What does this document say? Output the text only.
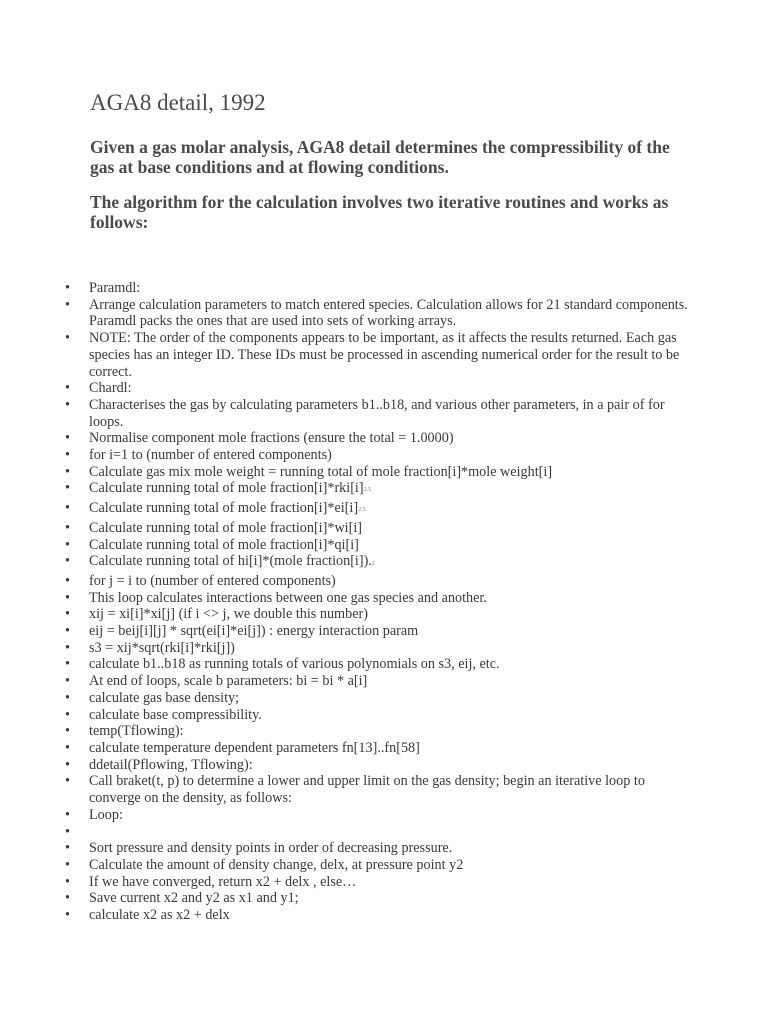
AGA8 detail, 1992

Given a gas molar analysis, AGA8 detail determines the compressibility of the gas at base conditions and at flowing conditions.

The algorithm for the calculation involves two iterative routines and works as follows:

•	Paramdl:
•	Arrange calculation parameters to match entered species. Calculation allows for 21 standard components. Paramdl packs the ones that are used into sets of working arrays.
•	NOTE: The order of the components appears to be important, as it affects the results returned. Each gas species has an integer ID. These IDs must be processed in ascending numerical order for the result to be correct.
•	Chardl:
•	Characterises the gas by calculating parameters b1..b18, and various other parameters, in a pair of for loops.
•	Normalise component mole fractions (ensure the total = 1.0000)
•	for i=1 to (number of entered components)
•	Calculate gas mix mole weight = running total of mole fraction[i]*mole weight[i]
•	Calculate running total of mole fraction[i]*rki[i]2.5
•	Calculate running total of mole fraction[i]*ei[i]2.5
•	Calculate running total of mole fraction[i]*wi[i]
•	Calculate running total of mole fraction[i]*qi[i]
•	Calculate running total of hi[i]*(mole fraction[i]).2
•	for j = i to (number of entered components)
•	This loop calculates interactions between one gas species and another.
•	xij = xi[i]*xi[j] (if i <> j, we double this number)
•	eij = beij[i][j] * sqrt(ei[i]*ei[j]) : energy interaction param
•	s3 = xij*sqrt(rki[i]*rki[j])
•	calculate b1..b18 as running totals of various polynomials on s3, eij, etc.
•	At end of loops, scale b parameters: bi = bi * a[i]
•	calculate gas base density;
•	calculate base compressibility.
•	temp(Tflowing):
•	calculate temperature dependent parameters fn[13]..fn[58]
•	ddetail(Pflowing, Tflowing):
•	Call braket(t, p) to determine a lower and upper limit on the gas density; begin an iterative loop to converge on the density, as follows:
•	Loop:
•
•	Sort pressure and density points in order of decreasing pressure.
•	Calculate the amount of density change, delx, at pressure point y2
•	If we have converged, return x2 + delx , else…
•	Save current x2 and y2 as x1 and y1;
•	calculate x2 as x2 + delx
